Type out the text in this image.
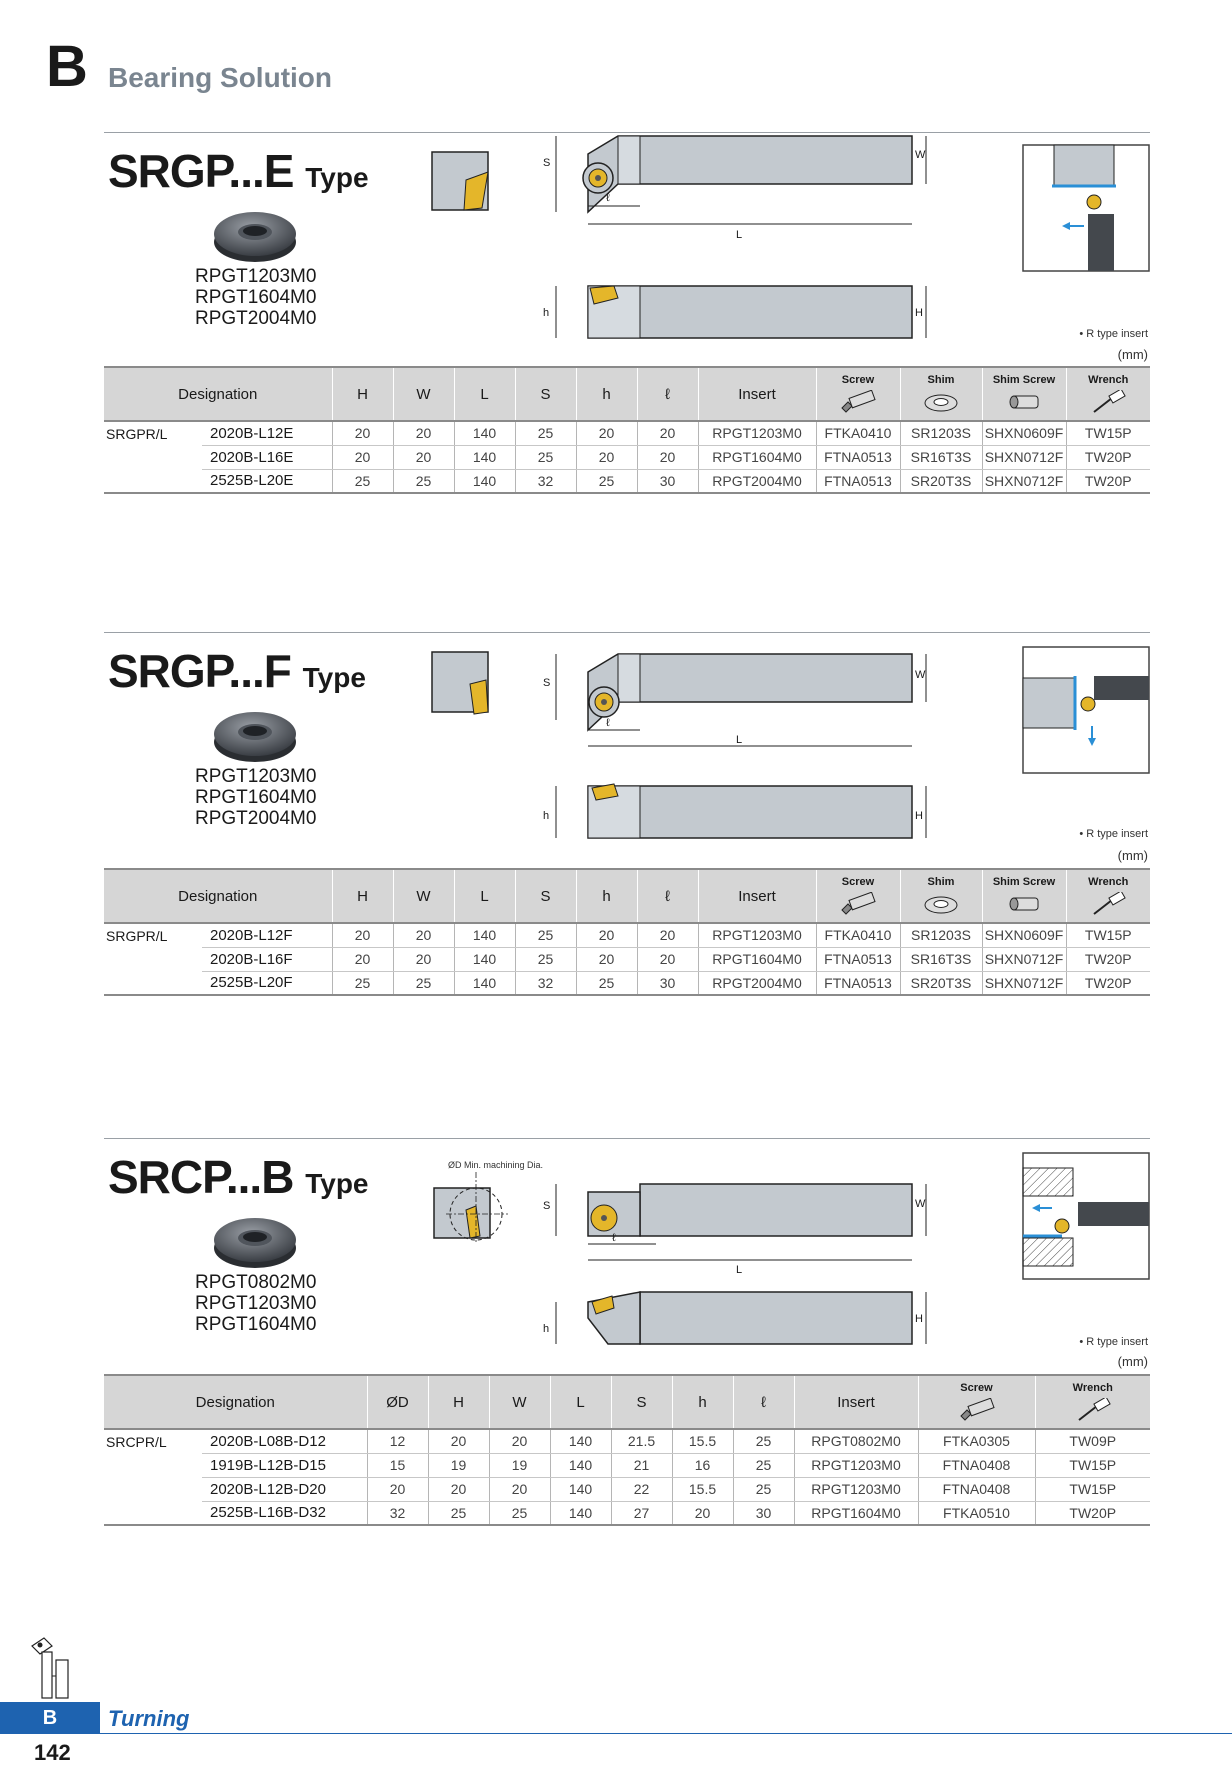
B Bearing Solution
SRGP...E Type
RPGT1203M0
RPGT1604M0
RPGT2004M0
S
W
ℓ
L
h	H
• R type insert
(mm)
Designation		H	W	L	S	h	ℓ	Insert	Screw	Shim	Shim Screw	Wrench

SRGPR/L	2020B-L12E	20	20	140	25	20	20	RPGT1203M0	FTKA0410	SR1203S	SHXN0609F	TW15P
	2020B-L16E	20	20	140	25	20	20	RPGT1604M0	FTNA0513	SR16T3S	SHXN0712F	TW20P
	2525B-L20E	25	25	140	32	25	30	RPGT2004M0	FTNA0513	SR20T3S	SHXN0712F	TW20P
SRGP...F Type
RPGT1203M0
RPGT1604M0
RPGT2004M0
S
W
ℓ
L
h	H
• R type insert
(mm)
Designation		H	W	L	S	h	ℓ	Insert	Screw	Shim	Shim Screw	Wrench

SRGPR/L	2020B-L12F	20	20	140	25	20	20	RPGT1203M0	FTKA0410	SR1203S	SHXN0609F	TW15P
	2020B-L16F	20	20	140	25	20	20	RPGT1604M0	FTNA0513	SR16T3S	SHXN0712F	TW20P
	2525B-L20F	25	25	140	32	25	30	RPGT2004M0	FTNA0513	SR20T3S	SHXN0712F	TW20P
SRCP...B Type
RPGT0802M0
RPGT1203M0
RPGT1604M0
ØD Min. machining Dia.
S	W
ℓ
L
h
H
• R type insert
(mm)
Designation		ØD	H	W	L	S	h	ℓ	Insert	Screw	Wrench

SRCPR/L	2020B-L08B-D12	12	20	20	140	21.5	15.5	25	RPGT0802M0	FTKA0305	TW09P
	1919B-L12B-D15	15	19	19	140	21	16	25	RPGT1203M0	FTNA0408	TW15P
	2020B-L12B-D20	20	20	20	140	22	15.5	25	RPGT1203M0	FTNA0408	TW15P
	2525B-L16B-D32	32	25	25	140	27	20	30	RPGT1604M0	FTKA0510	TW20P
B	Turning
142
